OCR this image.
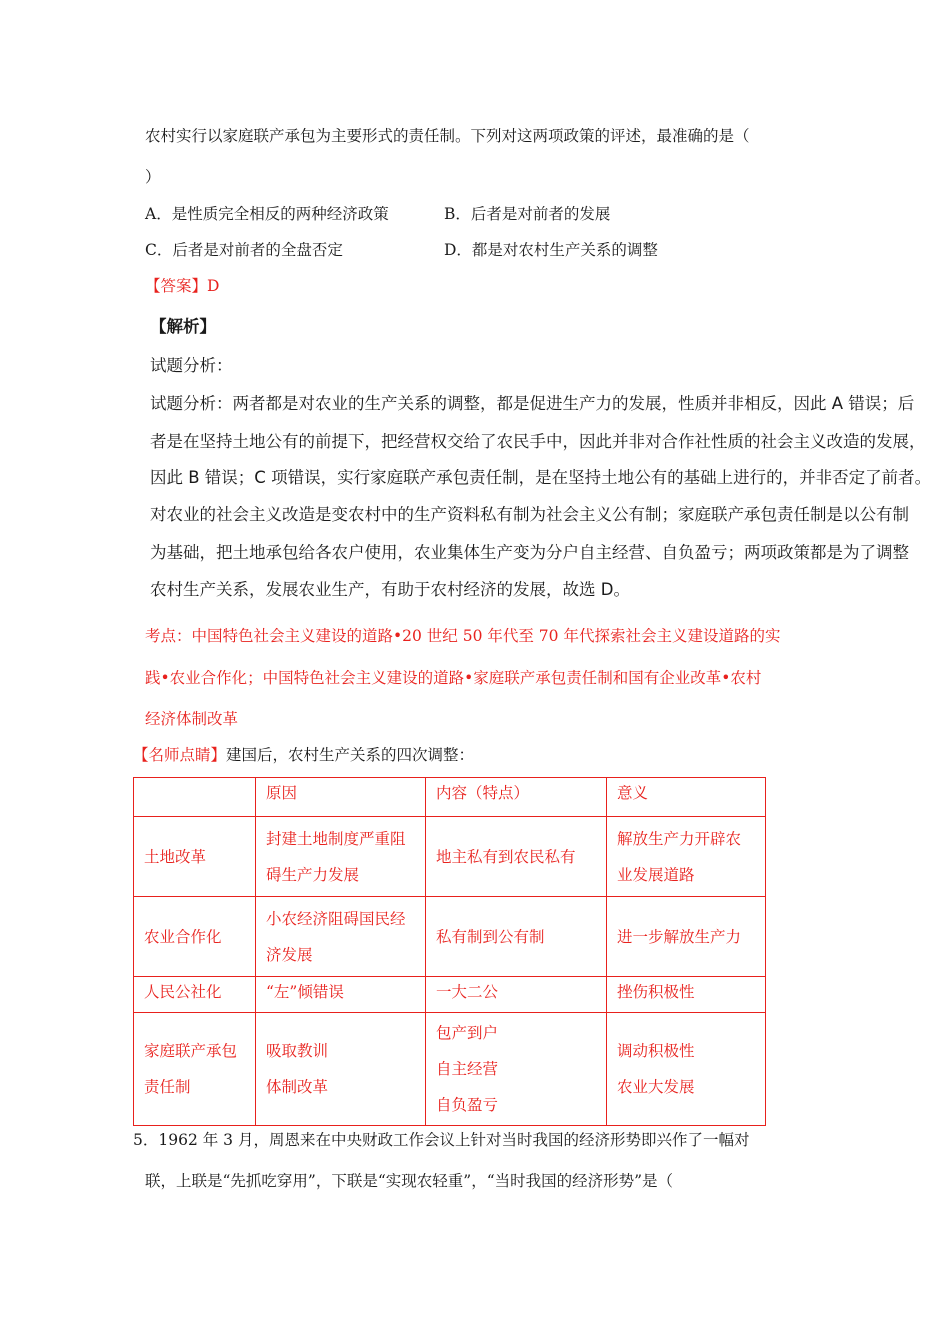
农村实行以家庭联产承包为主要形式的责任制。下列对这两项政策的评述，最准确的是（
）
A．是性质完全相反的两种经济政策	B．后者是对前者的发展
C．后者是对前者的全盘否定	D．都是对农村生产关系的调整
【答案】D
【解析】
试题分析：
试题分析：两者都是对农业的生产关系的调整，都是促进生产力的发展，性质并非相反，因此 A 错误；后
者是在坚持土地公有的前提下，把经营权交给了农民手中，因此并非对合作社性质的社会主义改造的发展，
因此 B 错误；C 项错误，实行家庭联产承包责任制，是在坚持土地公有的基础上进行的，并非否定了前者。
对农业的社会主义改造是变农村中的生产资料私有制为社会主义公有制；家庭联产承包责任制是以公有制
为基础，把土地承包给各农户使用，农业集体生产变为分户自主经营、自负盈亏；两项政策都是为了调整
农村生产关系，发展农业生产，有助于农村经济的发展，故选 D。
考点：中国特色社会主义建设的道路•20 世纪 50 年代至 70 年代探索社会主义建设道路的实
践•农业合作化；中国特色社会主义建设的道路•家庭联产承包责任制和国有企业改革•农村
经济体制改革
【名师点睛】建国后，农村生产关系的四次调整：
	原因	内容（特点）	意义

土地改革	封建土地制度严重阻
碍生产力发展	地主私有到农民私有	解放生产力开辟农
业发展道路

农业合作化	小农经济阻碍国民经
济发展	私有制到公有制	进一步解放生产力

人民公社化	“左”倾错误	一大二公	挫伤积极性

家庭联产承包
责任制	吸取教训
体制改革	包产到户
自主经营
自负盈亏	调动积极性
农业大发展
5．1962 年 3 月，周恩来在中央财政工作会议上针对当时我国的经济形势即兴作了一幅对
联，上联是“先抓吃穿用”，下联是“实现农轻重”，“当时我国的经济形势”是（
